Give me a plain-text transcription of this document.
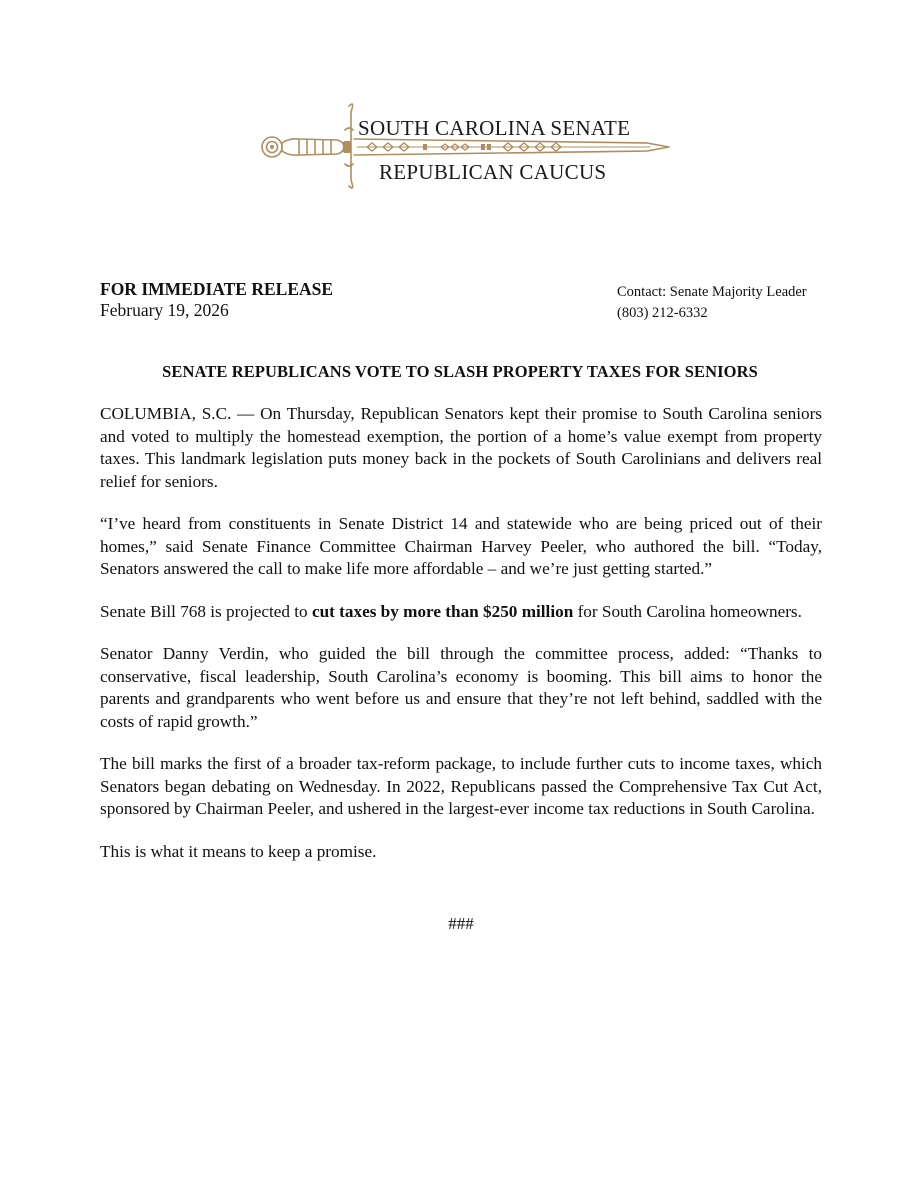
SOUTH CAROLINA SENATE
REPUBLICAN CAUCUS
FOR IMMEDIATE RELEASE
February 19, 2026
Contact: Senate Majority Leader
(803) 212-6332
SENATE REPUBLICANS VOTE TO SLASH PROPERTY TAXES FOR SENIORS

COLUMBIA, S.C. — On Thursday, Republican Senators kept their promise to South Carolina seniors and voted to multiply the homestead exemption, the portion of a home’s value exempt from property taxes. This landmark legislation puts money back in the pockets of South Carolinians and delivers real relief for seniors.

“I’ve heard from constituents in Senate District 14 and statewide who are being priced out of their homes,” said Senate Finance Committee Chairman Harvey Peeler, who authored the bill. “Today, Senators answered the call to make life more affordable – and we’re just getting started.”

Senate Bill 768 is projected to cut taxes by more than $250 million for South Carolina homeowners.

Senator Danny Verdin, who guided the bill through the committee process, added: “Thanks to conservative, fiscal leadership, South Carolina’s economy is booming. This bill aims to honor the parents and grandparents who went before us and ensure that they’re not left behind, saddled with the costs of rapid growth.”

The bill marks the first of a broader tax-reform package, to include further cuts to income taxes, which Senators began debating on Wednesday. In 2022, Republicans passed the Comprehensive Tax Cut Act, sponsored by Chairman Peeler, and ushered in the largest-ever income tax reductions in South Carolina.

This is what it means to keep a promise.

###
